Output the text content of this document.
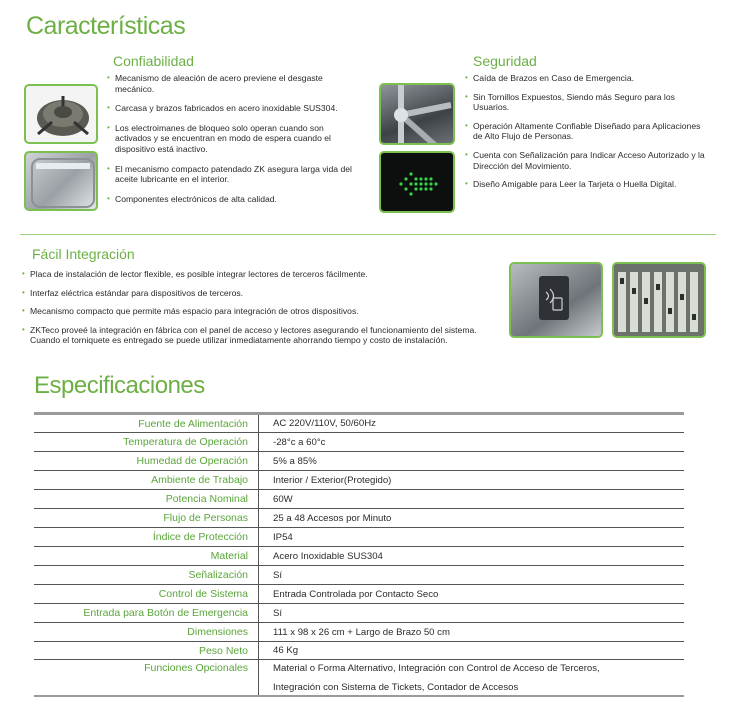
Características
Confiabilidad
• Mecanismo de aleación de acero previene el desgaste mecánico.
• Carcasa y brazos fabricados en acero inoxidable SUS304.
• Los electroimanes de bloqueo solo operan cuando son activados y se encuentran en modo de espera cuando el dispositivo está inactivo.
• El mecanismo compacto patendado ZK asegura larga vida del aceite lubricante en el interior.
• Componentes electrónicos de alta calidad.
Seguridad
• Caída de Brazos en Caso de Emergencia.
• Sin Tornillos Expuestos, Siendo más Seguro para los Usuarios.
• Operación Altamente Confiable Diseñado para Aplicaciones de Alto Flujo de Personas.
• Cuenta con Señalización para Indicar Acceso Autorizado y la Dirección del Movimiento.
• Diseño Amigable para Leer la Tarjeta o Huella Digital.
Fácil Integración
• Placa de instalación de lector flexible, es posible integrar lectores de terceros fácilmente.
• Interfaz eléctrica estándar para dispositivos de terceros.
• Mecanismo compacto que permite más espacio para integración de otros dispositivos.
• ZKTeco proveé la integración en fábrica con el panel de acceso y lectores asegurando el funcionamiento del sistema. Cuando el torniquete es entregado se puede utilizar inmediatamente ahorrando tiempo y costo de instalación.
Especificaciones
Fuente de Alimentación	AC 220V/110V, 50/60Hz
Temperatura de Operación	-28°c a 60°c
Humedad de Operación	5% a 85%
Ambiente de Trabajo	Interior / Exterior(Protegido)
Potencia Nominal	60W
Flujo de Personas	25 a 48 Accesos por Minuto
Índice de Protección	IP54
Material	Acero Inoxidable SUS304
Señalización	Sí
Control de Sistema	Entrada Controlada por Contacto Seco
Entrada para Botón de Emergencia	Sí
Dimensiones	111 x 98 x 26 cm + Largo de Brazo 50 cm
Peso Neto	46 Kg
Funciones Opcionales	Material o Forma Alternativo, Integración con Control de Acceso de Terceros,
Integración con Sistema de Tickets, Contador de Accesos
